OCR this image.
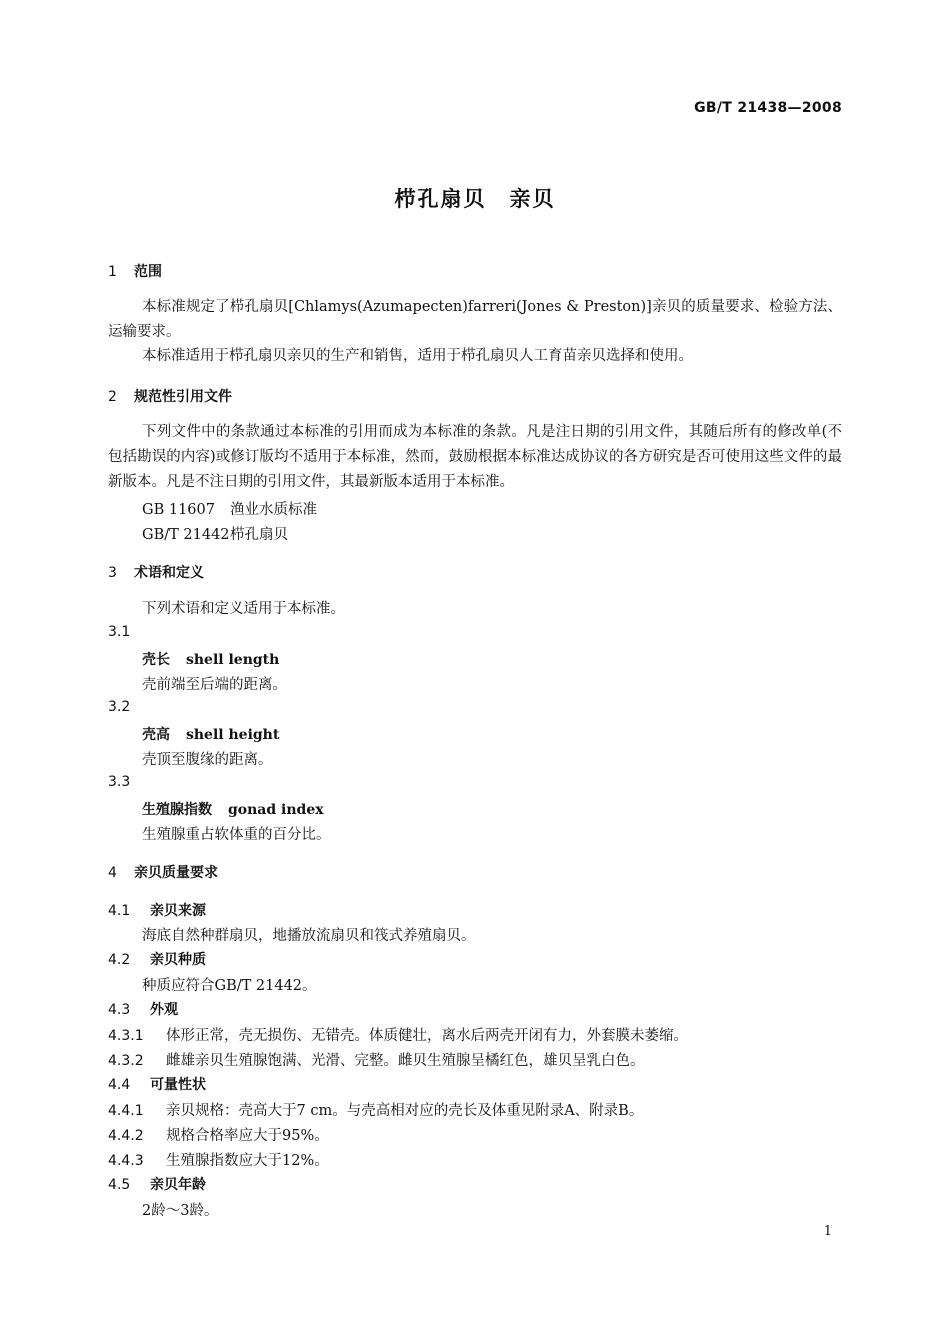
GB/T 21438—2008
栉孔扇贝　亲贝
1 范围
本标准规定了栉孔扇贝[Chlamys(Azumapecten)farreri(Jones & Preston)]亲贝的质量要求、检验方法、运输要求。
本标准适用于栉孔扇贝亲贝的生产和销售，适用于栉孔扇贝人工育苗亲贝选择和使用。
2 规范性引用文件
下列文件中的条款通过本标准的引用而成为本标准的条款。凡是注日期的引用文件，其随后所有的修改单(不包括勘误的内容)或修订版均不适用于本标准，然而，鼓励根据本标准达成协议的各方研究是否可使用这些文件的最新版本。凡是不注日期的引用文件，其最新版本适用于本标准。
GB 11607 渔业水质标准
GB/T 21442栉孔扇贝
3 术语和定义
下列术语和定义适用于本标准。
3.1
壳长 shell length
壳前端至后端的距离。
3.2
壳高 shell height
壳顶至腹缘的距离。
3.3
生殖腺指数 gonad index
生殖腺重占软体重的百分比。
4 亲贝质量要求
4.1 亲贝来源
海底自然种群扇贝，地播放流扇贝和筏式养殖扇贝。
4.2 亲贝种质
种质应符合GB/T 21442。
4.3 外观
4.3.1 体形正常，壳无损伤、无错壳。体质健壮，离水后两壳开闭有力，外套膜未萎缩。
4.3.2 雌雄亲贝生殖腺饱满、光滑、完整。雌贝生殖腺呈橘红色，雄贝呈乳白色。
4.4 可量性状
4.4.1 亲贝规格：壳高大于7 cm。与壳高相对应的壳长及体重见附录A、附录B。
4.4.2 规格合格率应大于95%。
4.4.3 生殖腺指数应大于12%。
4.5 亲贝年龄
2龄～3龄。
1
